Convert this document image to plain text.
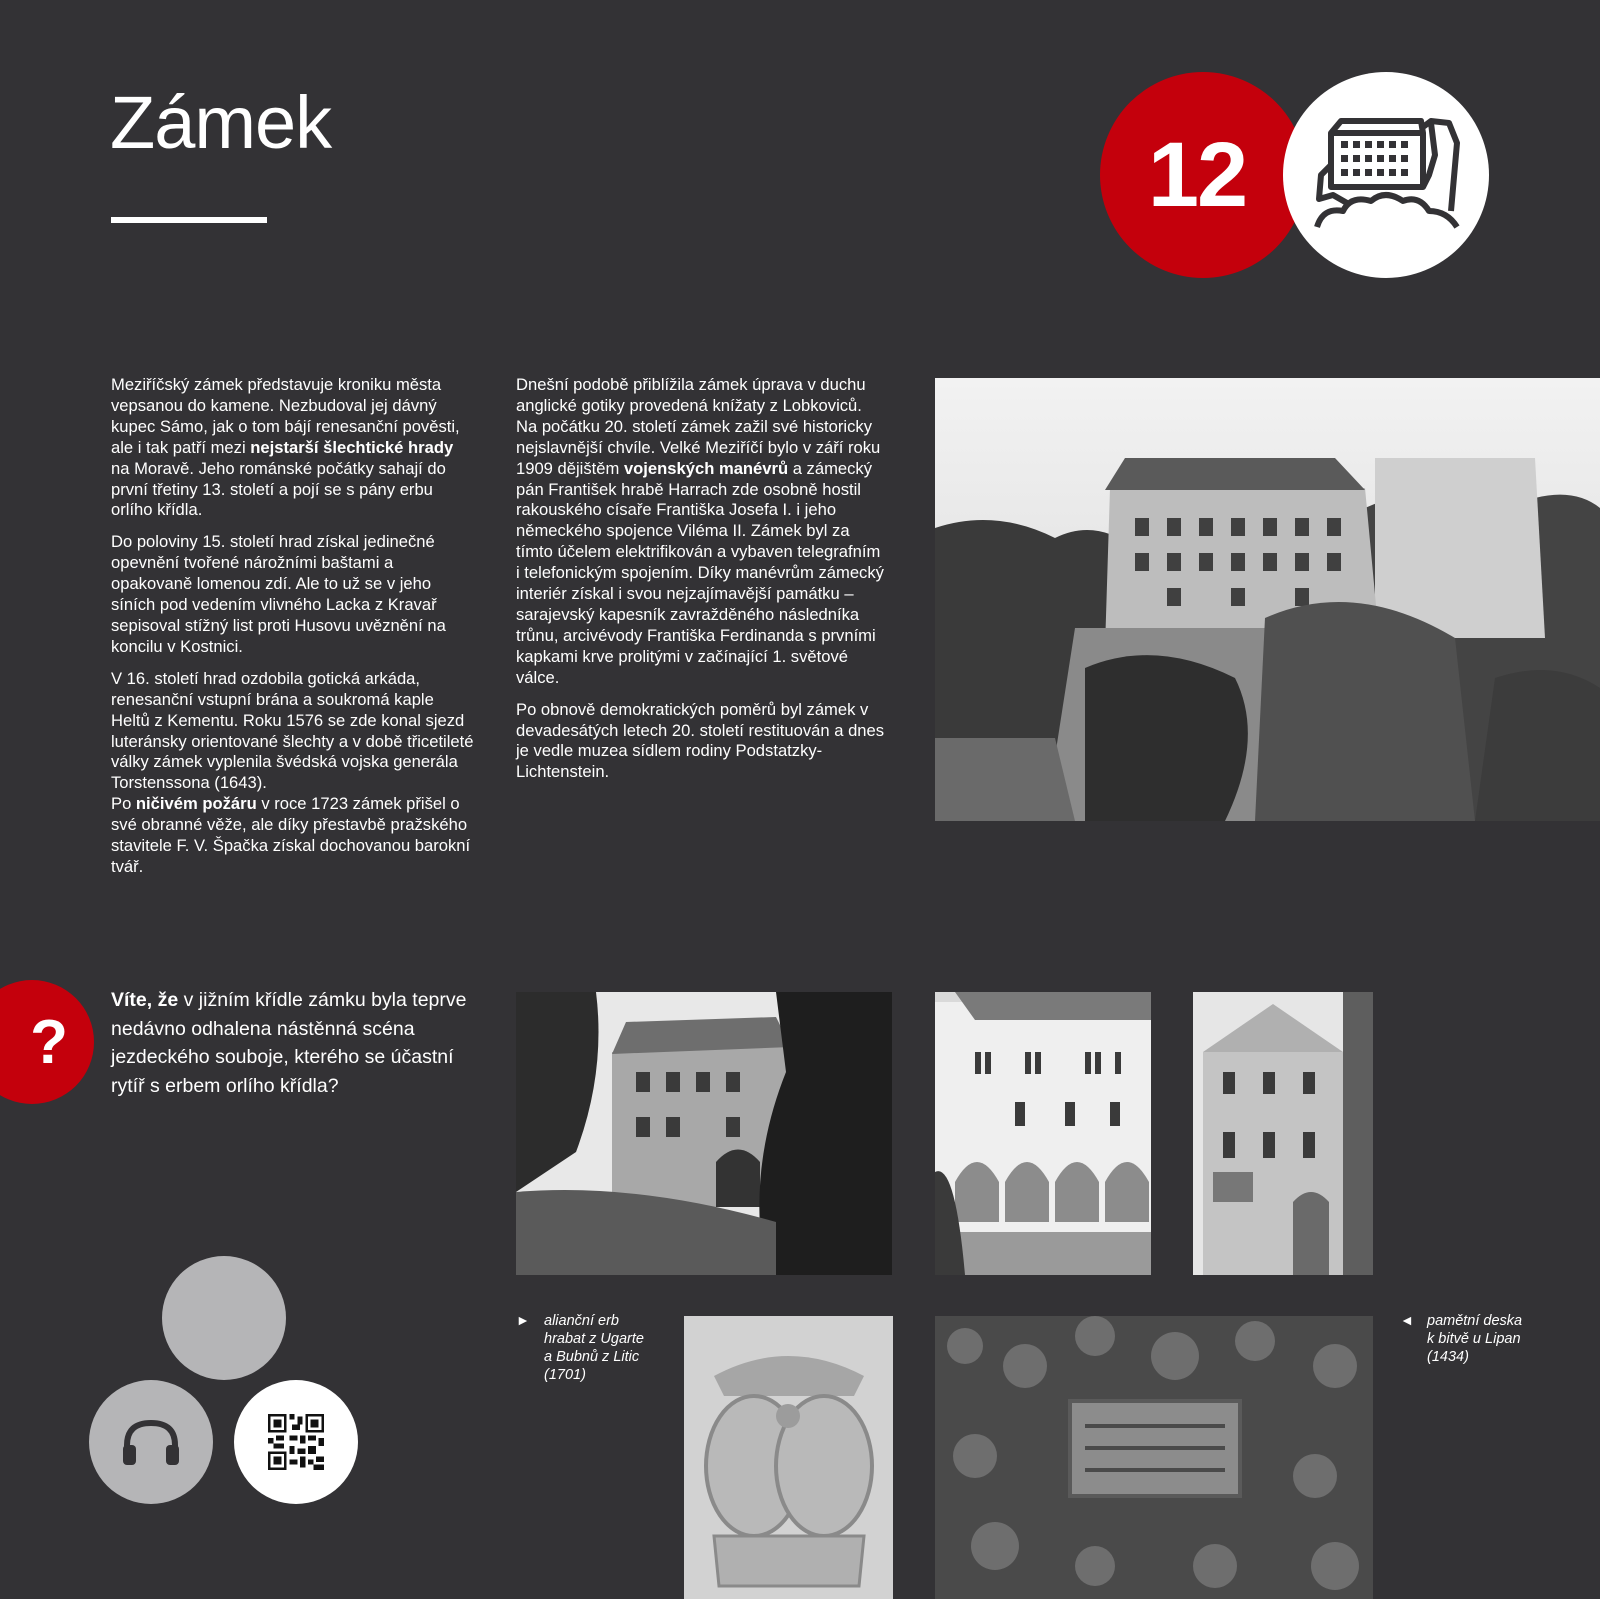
Zámek
12

Meziříčský zámek představuje kroniku města vepsanou do kamene. Nezbudoval jej dávný kupec Sámo, jak o tom bájí renesanční pověsti, ale i tak patří mezi nejstarší šlechtické hrady na Moravě. Jeho románské počátky sahají do první třetiny 13. století a pojí se s pány erbu orlího křídla.

Do poloviny 15. století hrad získal jedinečné opevnění tvořené nárožními baštami a opakovaně lomenou zdí. Ale to už se v jeho síních pod vedením vlivného Lacka z Kravař sepisoval stížný list proti Husovu uvěznění na koncilu v Kostnici.

V 16. století hrad ozdobila gotická arkáda, renesanční vstupní brána a soukromá kaple Heltů z Kementu. Roku 1576 se zde konal sjezd luteránsky orientované šlechty a v době třicetileté války zámek vyplenila švédská vojska generála Torstenssona (1643).
Po ničivém požáru v roce 1723 zámek přišel o své obranné věže, ale díky přestavbě pražského stavitele F. V. Špačka získal dochovanou barokní tvář.

Dnešní podobě přiblížila zámek úprava v duchu anglické gotiky provedená knížaty z Lobkoviců. Na počátku 20. století zámek zažil své historicky nejslavnější chvíle. Velké Meziříčí bylo v září roku 1909 dějištěm vojenských manévrů a zámecký pán František hrabě Harrach zde osobně hostil rakouského císaře Františka Josefa I. i jeho německého spojence Viléma II. Zámek byl za tímto účelem elektrifikován a vybaven telegrafním i telefonickým spojením. Díky manévrům zámecký interiér získal i svou nejzajímavější památku – sarajevský kapesník zavražděného následníka trůnu, arcivévody Františka Ferdinanda s prvními kapkami krve prolitými v začínající 1. světové válce.

Po obnově demokratických poměrů byl zámek v devadesátých letech 20. století restituován a dnes je vedle muzea sídlem rodiny Podstatzky-Lichtenstein.

?
Víte, že v jižním křídle zámku byla teprve nedávno odhalena nástěnná scéna jezdeckého souboje, kterého se účastní rytíř s erbem orlího křídla?
► alianční erb
hrabat z Ugarte
a Bubnů z Litic
(1701)
◄ pamětní deska
k bitvě u Lipan
(1434)
